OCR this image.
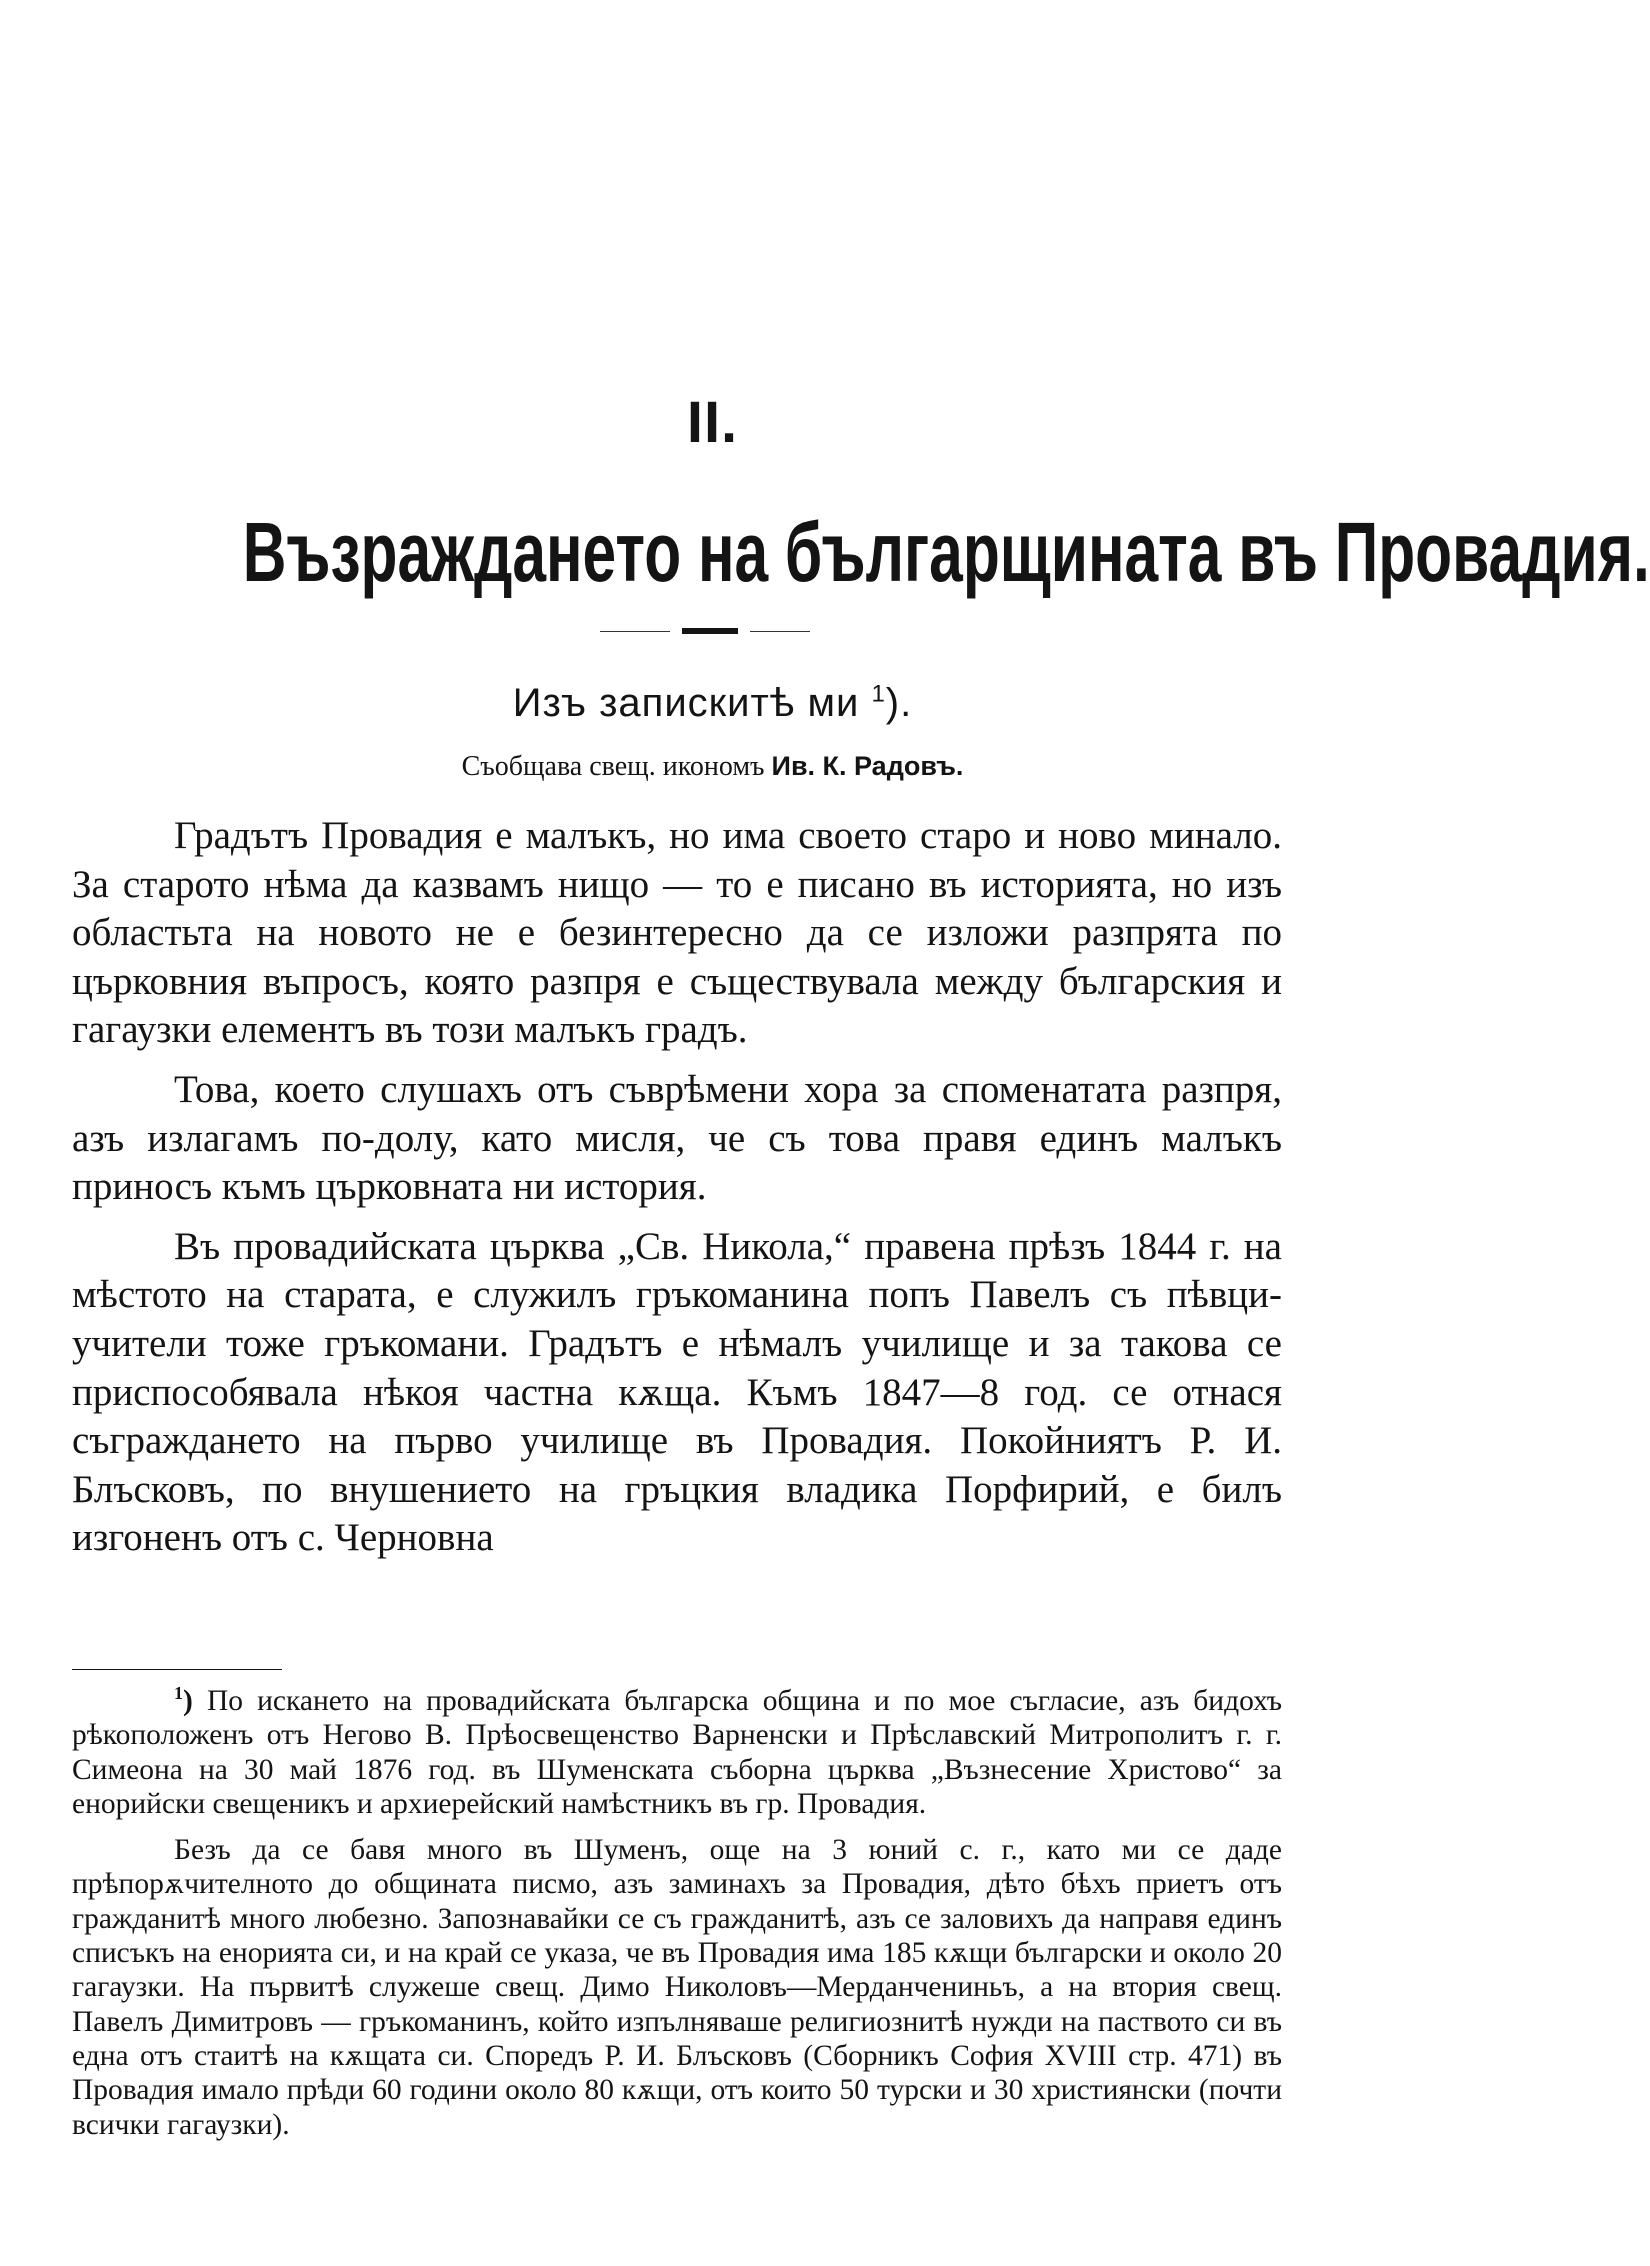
II.
Възраждането на българщината въ Провадия.
Изъ запискитѣ ми $^1$).
Съобщава свещ. икономъ Ив. К. Радовъ.

Градътъ Провадия е малъкъ, но има своето старо и ново минало. За старото нѣма да казвамъ нищо — то е писано въ историята, но изъ областьта на новото не е безинтересно да се изложи разпрята по църковния въпросъ, която разпря е съществувала между българския и гагаузки елементъ въ този малъкъ градъ.

Това, което слушахъ отъ съврѣмени хора за споменатата разпря, азъ излагамъ по-долу, като мисля, че съ това правя единъ малъкъ приносъ къмъ църковната ни история.

Въ провадийската църква „Св. Никола,“ правена прѣзъ 1844 г. на мѣстото на старата, е служилъ гръкоманина попъ Павелъ съ пѣвци-учители тоже гръкомани. Градътъ е нѣмалъ училище и за такова се приспособявала нѣкоя частна кѫща. Къмъ 1847—8 год. се отнася съграждането на първо училище въ Провадия. Покойниятъ Р. И. Блъсковъ, по внушението на гръцкия владика Порфирий, е билъ изгоненъ отъ с. Черновна

$^1$) По искането на провадийската българска община и по мое съгласие, азъ бидохъ рѣкоположенъ отъ Негово В. Прѣосвещенство Варненски и Прѣславский Митрополитъ г. г. Симеона на 30 май 1876 год. въ Шуменската съборна църква „Възнесение Христово“ за енорийски свещеникъ и архиерейский намѣстникъ въ гр. Провадия.

Безъ да се бавя много въ Шуменъ, още на 3 юний с. г., като ми се даде прѣпорѫчителното до общината писмо, азъ заминахъ за Провадия, дѣто бѣхъ приетъ отъ гражданитѣ много любезно. Запознавайки се съ гражданитѣ, азъ се заловихъ да направя единъ списъкъ на енорията си, и на край се указа, че въ Провадия има 185 кѫщи български и около 20 гагаузки. На първитѣ служеше свещ. Димо Николовъ—Мерданчениньъ, а на втория свещ. Павелъ Димитровъ — гръкоманинъ, който изпълняваше религиознитѣ нужди на паството си въ една отъ стаитѣ на кѫщата си. Споредъ Р. И. Блъсковъ (Сборникъ София XVIII стр. 471) въ Провадия имало прѣди 60 години около 80 кѫщи, отъ които 50 турски и 30 християнски (почти всички гагаузки).
